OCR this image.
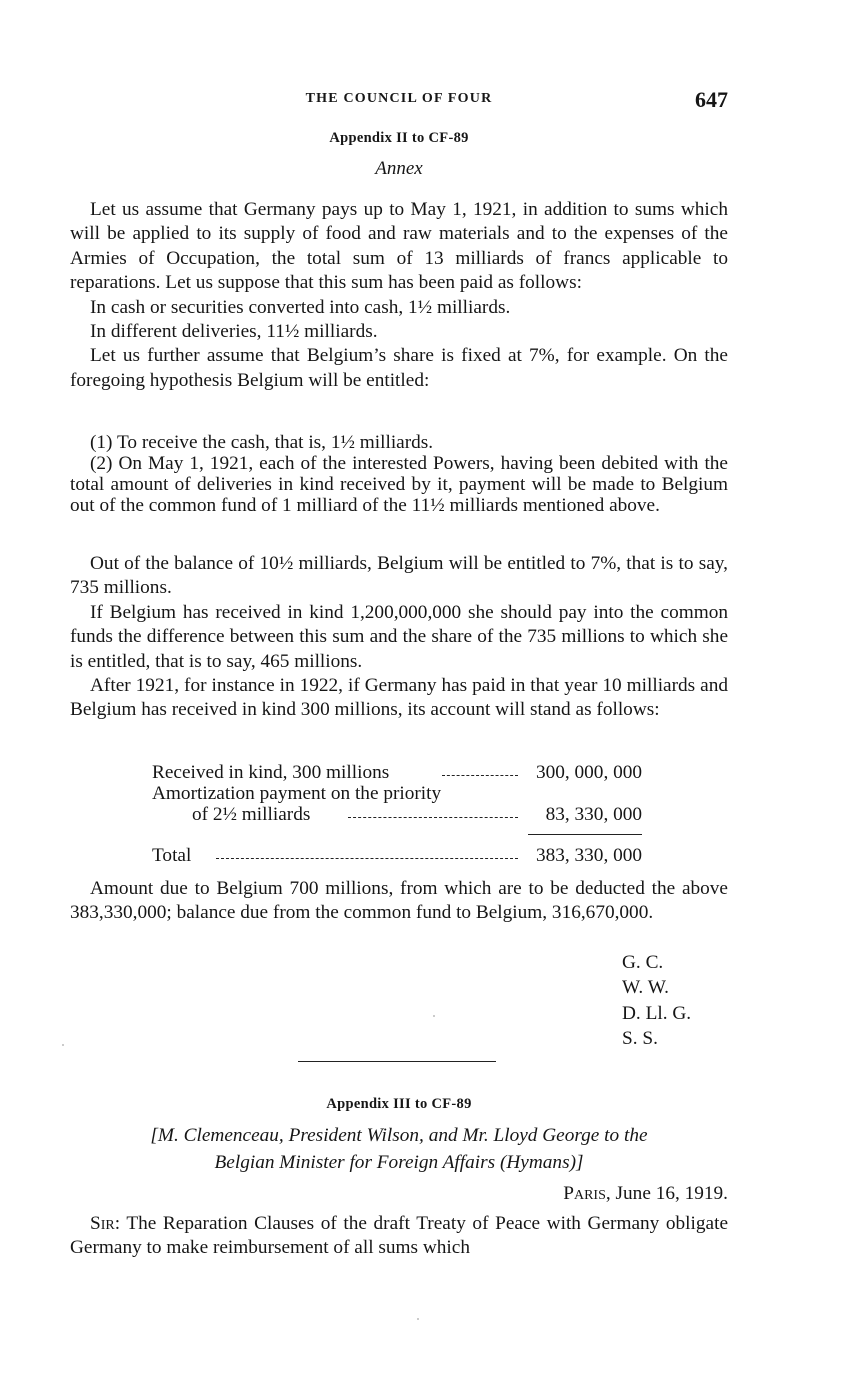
THE COUNCIL OF FOUR	647
Appendix II to CF-89
Annex

Let us assume that Germany pays up to May 1, 1921, in addition to sums which will be applied to its supply of food and raw materials and to the expenses of the Armies of Occupation, the total sum of 13 milliards of francs applicable to reparations. Let us suppose that this sum has been paid as follows:

In cash or securities converted into cash, 1½ milliards.

In different deliveries, 11½ milliards.

Let us further assume that Belgium’s share is fixed at 7%, for example. On the foregoing hypothesis Belgium will be entitled:

(1) To receive the cash, that is, 1½ milliards.

(2) On May 1, 1921, each of the interested Powers, having been debited with the total amount of deliveries in kind received by it, payment will be made to Belgium out of the common fund of 1 milliard of the 11½ milliards mentioned above.

Out of the balance of 10½ milliards, Belgium will be entitled to 7%, that is to say, 735 millions.

If Belgium has received in kind 1,200,000,000 she should pay into the common funds the difference between this sum and the share of the 735 millions to which she is entitled, that is to say, 465 millions.

After 1921, for instance in 1922, if Germany has paid in that year 10 milliards and Belgium has received in kind 300 millions, its account will stand as follows:

Received in kind, 300 millions	300, 000, 000
Amortization payment on the priority
of 2½ milliards	83, 330, 000
Total	383, 330, 000

Amount due to Belgium 700 millions, from which are to be deducted the above 383,330,000; balance due from the common fund to Belgium, 316,670,000.

G. C.
W. W.
D. Ll. G.
S. S.
Appendix III to CF-89
[M. Clemenceau, President Wilson, and Mr. Lloyd George to the
Belgian Minister for Foreign Affairs (Hymans)]
Paris, June 16, 1919.

Sir: The Reparation Clauses of the draft Treaty of Peace with Germany obligate Germany to make reimbursement of all sums which
